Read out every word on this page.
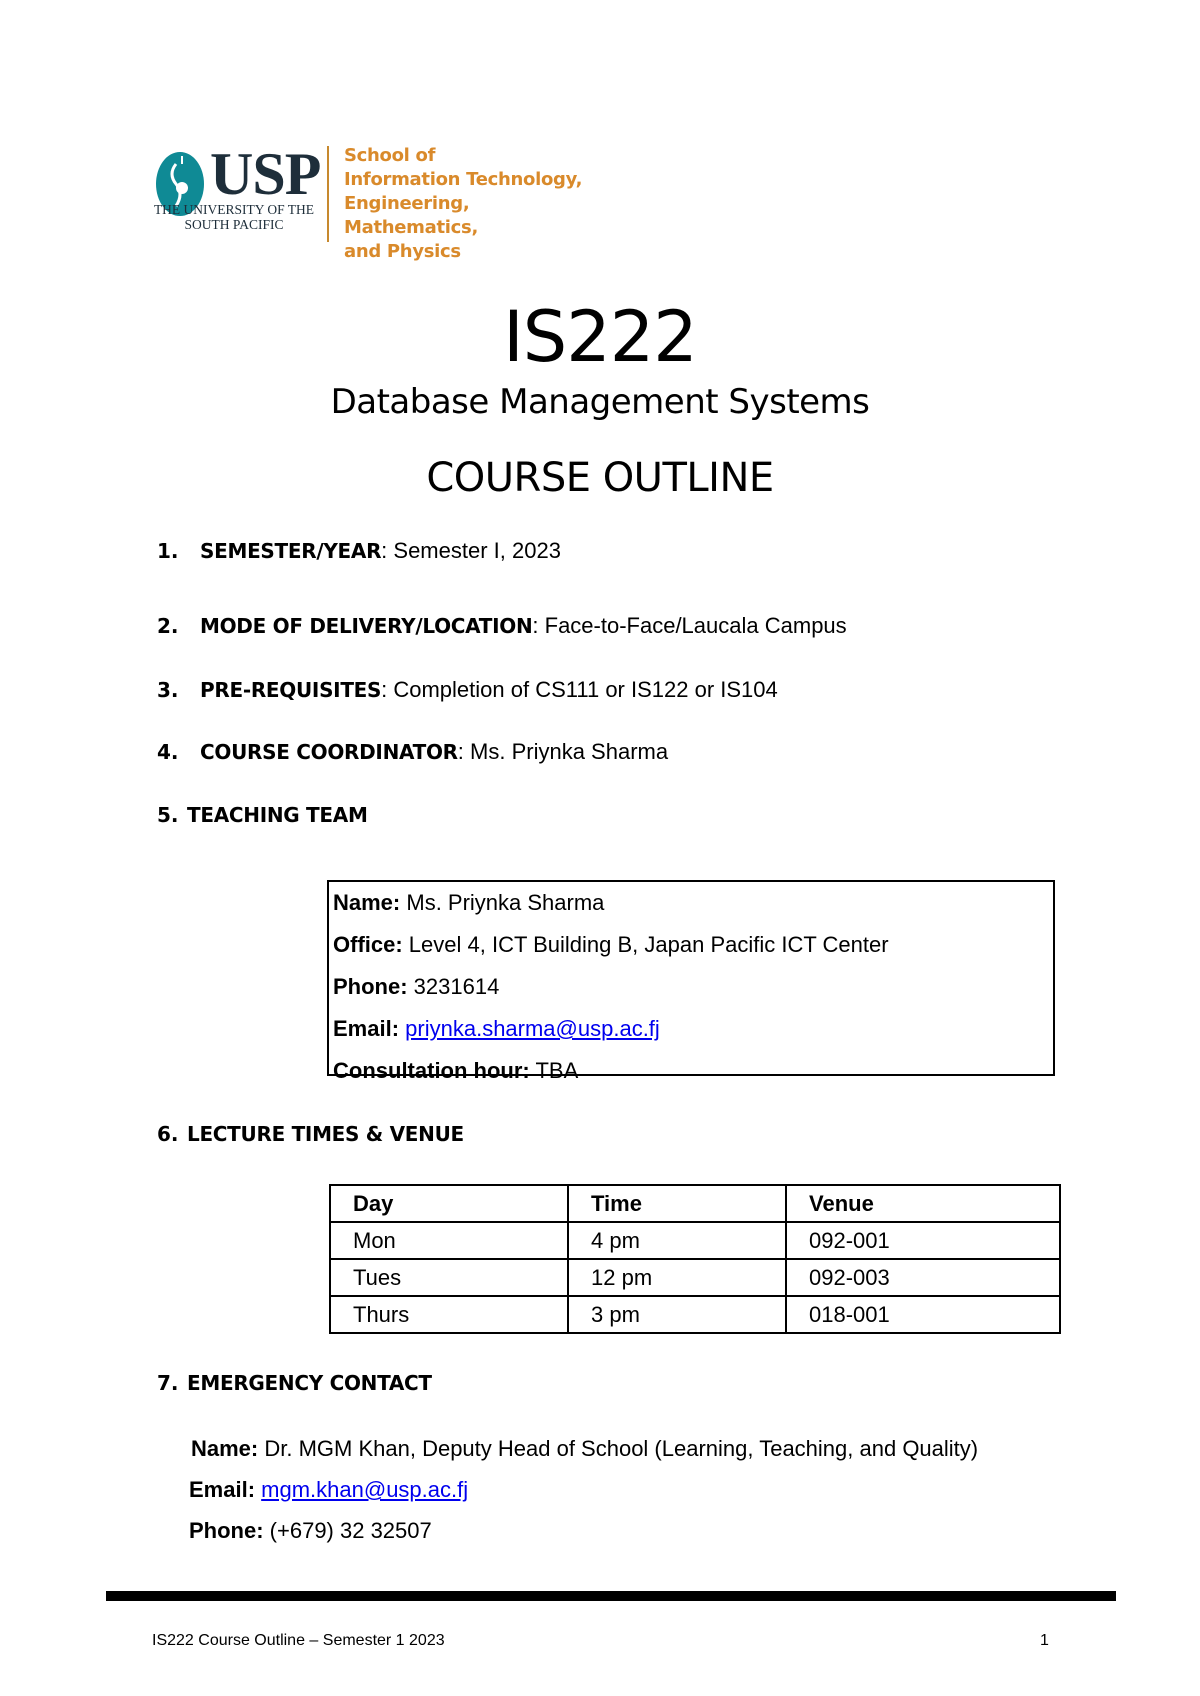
USP
THE UNIVERSITY OF THE
SOUTH PACIFIC
School of
Information Technology,
Engineering, Mathematics,
and Physics
IS222
Database Management Systems
COURSE OUTLINE
1. SEMESTER/YEAR: Semester I, 2023
2. MODE OF DELIVERY/LOCATION: Face-to-Face/Laucala Campus
3. PRE-REQUISITES: Completion of CS111 or IS122 or IS104
4. COURSE COORDINATOR: Ms. Priynka Sharma
5. TEACHING TEAM
Name: Ms. Priynka Sharma
Office: Level 4, ICT Building B, Japan Pacific ICT Center
Phone: 3231614
Email: priynka.sharma@usp.ac.fj
Consultation hour: TBA
6. LECTURE TIMES & VENUE
Day	Time	Venue
Mon	4 pm	092-001
Tues	12 pm	092-003
Thurs	3 pm	018-001
7. EMERGENCY CONTACT
Name: Dr. MGM Khan, Deputy Head of School (Learning, Teaching, and Quality)
Email: mgm.khan@usp.ac.fj
Phone: (+679) 32 32507
IS222 Course Outline – Semester 1 2023	1
